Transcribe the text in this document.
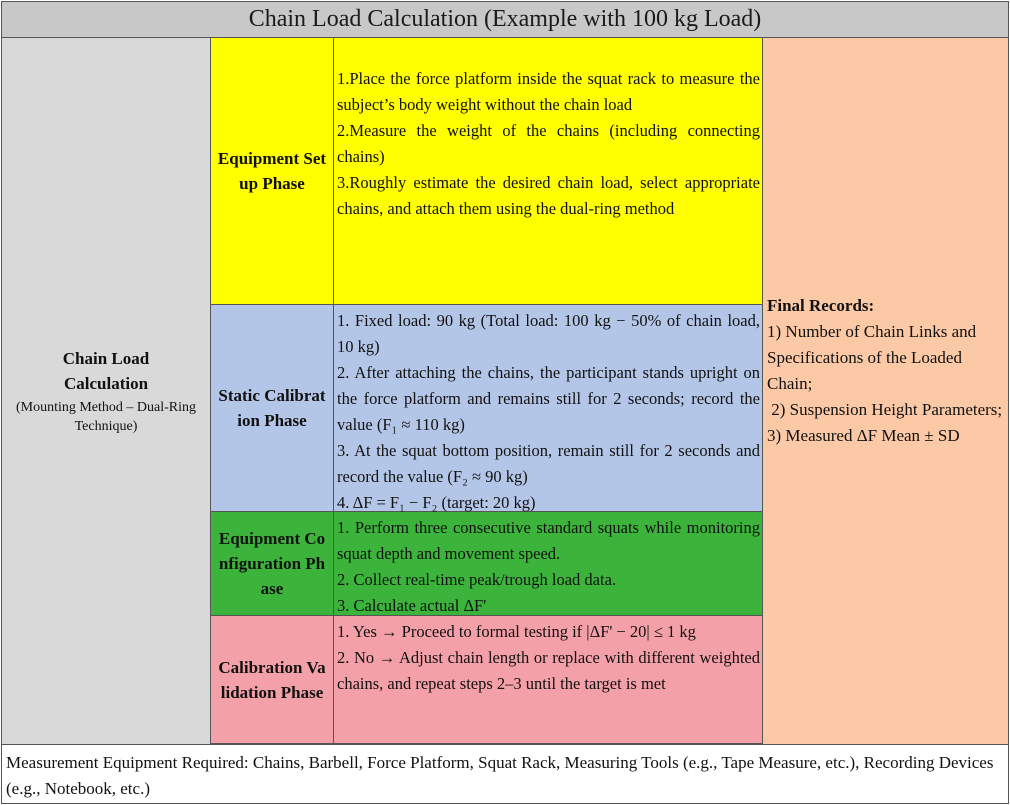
Chain Load Calculation (Example with 100 kg Load)
Chain Load Calculation
(Mounting Method – Dual-Ring Technique)
Equipment Setup Phase

1.Place the force platform inside the squat rack to measure the subject’s body weight without the chain load

2.Measure the weight of the chains (including connecting chains)

3.Roughly estimate the desired chain load, select appropriate chains, and attach them using the dual-ring method

Static Calibration Phase

1. Fixed load: 90 kg (Total load: 100 kg − 50% of chain load, 10 kg)

2. After attaching the chains, the participant stands upright on the force platform and remains still for 2 seconds; record the value (F₁ ≈ 110 kg)

3. At the squat bottom position, remain still for 2 seconds and record the value (F₂ ≈ 90 kg)

4. ΔF = F₁ − F₂ (target: 20 kg)

Equipment Configuration Phase

1. Perform three consecutive standard squats while monitoring squat depth and movement speed.

2. Collect real-time peak/trough load data.

3. Calculate actual ΔF'

Calibration Validation Phase

1. Yes → Proceed to formal testing if |ΔF' − 20| ≤ 1 kg

2. No → Adjust chain length or replace with different weighted chains, and repeat steps 2–3 until the target is met

Final Records:

1) Number of Chain Links and Specifications of the Loaded Chain;

2) Suspension Height Parameters;

3) Measured ΔF Mean ± SD

Measurement Equipment Required: Chains, Barbell, Force Platform, Squat Rack, Measuring Tools (e.g., Tape Measure, etc.), Recording Devices (e.g., Notebook, etc.)
